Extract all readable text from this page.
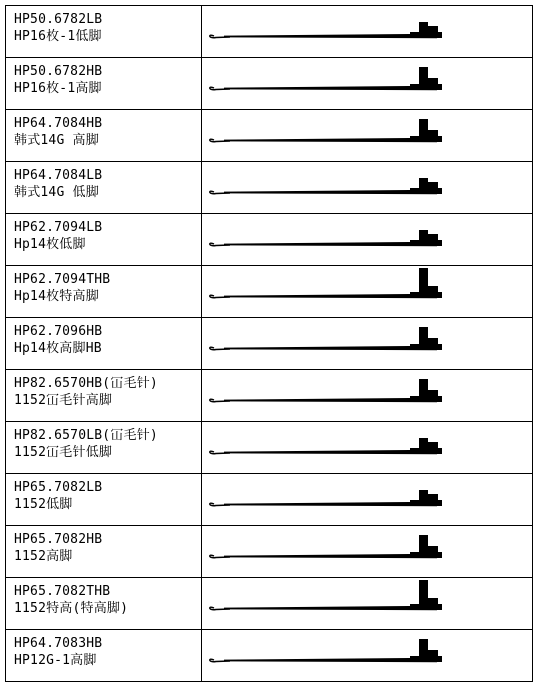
HP50.6782LB
HP16枚-1低脚

HP50.6782HB
HP16枚-1高脚

HP64.7084HB
韩式14G 高脚

HP64.7084LB
韩式14G 低脚

HP62.7094LB
Hp14枚低脚

HP62.7094THB
Hp14枚特高脚

HP62.7096HB
Hp14枚高脚HB

HP82.6570HB(冚毛针)
1152冚毛针高脚

HP82.6570LB(冚毛针)
1152冚毛针低脚

HP65.7082LB
1152低脚

HP65.7082HB
1152高脚

HP65.7082THB
1152特高(特高脚)

HP64.7083HB
HP12G-1高脚
